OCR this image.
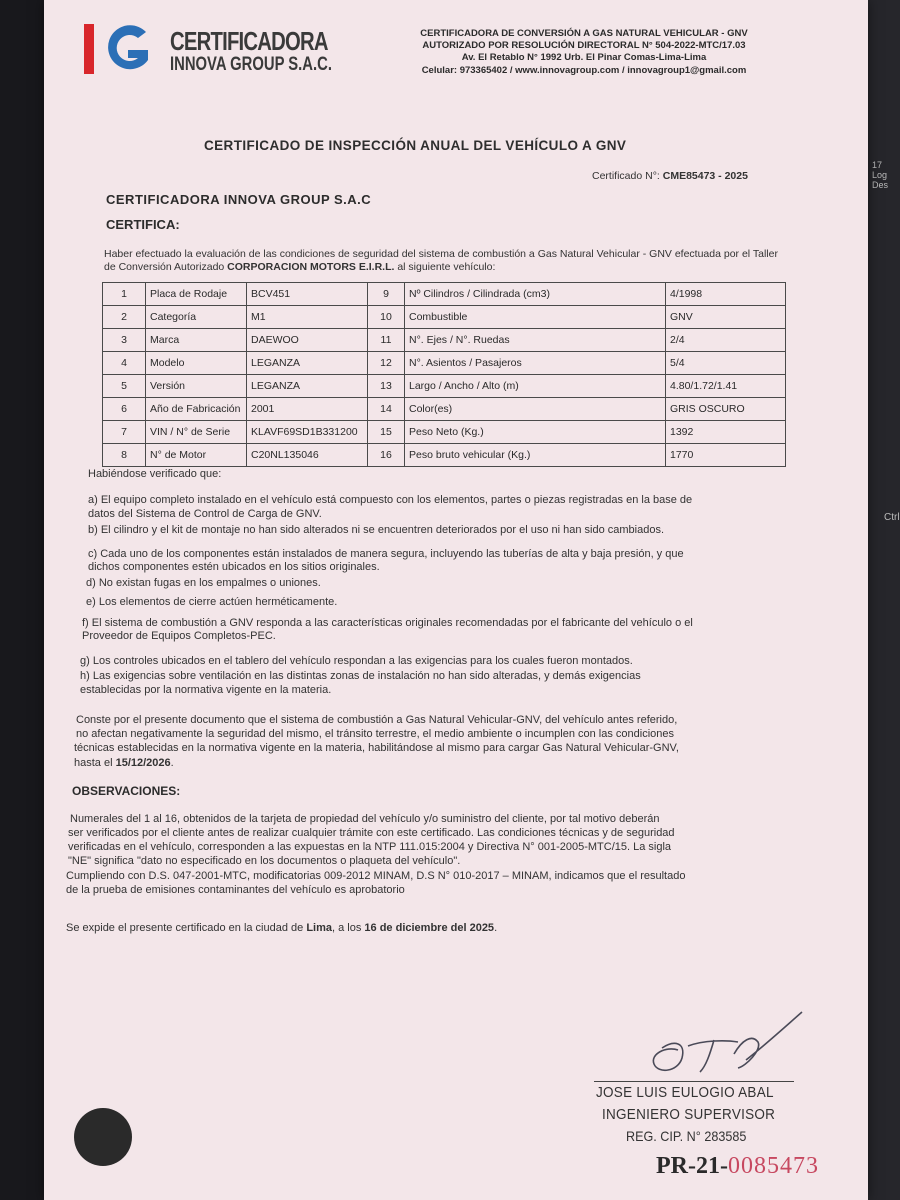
17
Log Des
Ctrl
CERTIFICADORA
INNOVA GROUP S.A.C.
CERTIFICADORA DE CONVERSIÓN A GAS NATURAL VEHICULAR - GNV
AUTORIZADO POR RESOLUCIÓN DIRECTORAL N° 504-2022-MTC/17.03
Av. El Retablo N° 1992 Urb. El Pinar Comas-Lima-Lima
Celular: 973365402 / www.innovagroup.com / innovagroup1@gmail.com
CERTIFICADO DE INSPECCIÓN ANUAL DEL VEHÍCULO A GNV
Certificado N°: CME85473 - 2025
CERTIFICADORA INNOVA GROUP S.A.C
CERTIFICA:
Haber efectuado la evaluación de las condiciones de seguridad del sistema de combustión a Gas Natural Vehicular - GNV efectuada por el Taller de Conversión Autorizado CORPORACION MOTORS E.I.R.L. al siguiente vehículo:
1	Placa de Rodaje	BCV451	9	Nº Cilindros / Cilindrada (cm3)	4/1998
2	Categoría	M1	10	Combustible	GNV
3	Marca	DAEWOO	11	N°. Ejes / N°. Ruedas	2/4
4	Modelo	LEGANZA	12	N°. Asientos / Pasajeros	5/4
5	Versión	LEGANZA	13	Largo / Ancho / Alto (m)	4.80/1.72/1.41
6	Año de Fabricación	2001	14	Color(es)	GRIS OSCURO
7	VIN / N° de Serie	KLAVF69SD1B331200	15	Peso Neto (Kg.)	1392
8	N° de Motor	C20NL135046	16	Peso bruto vehicular (Kg.)	1770
Habiéndose verificado que:
a) El equipo completo instalado en el vehículo está compuesto con los elementos, partes o piezas registradas en la base de
datos del Sistema de Control de Carga de GNV.
b) El cilindro y el kit de montaje no han sido alterados ni se encuentren deteriorados por el uso ni han sido cambiados.
c) Cada uno de los componentes están instalados de manera segura, incluyendo las tuberías de alta y baja presión, y que
dichos componentes estén ubicados en los sitios originales.
d) No existan fugas en los empalmes o uniones.
e) Los elementos de cierre actúen herméticamente.
f) El sistema de combustión a GNV responda a las características originales recomendadas por el fabricante del vehículo o el
Proveedor de Equipos Completos-PEC.
g) Los controles ubicados en el tablero del vehículo respondan a las exigencias para los cuales fueron montados.
h) Las exigencias sobre ventilación en las distintas zonas de instalación no han sido alteradas, y demás exigencias
establecidas por la normativa vigente en la materia.
Conste por el presente documento que el sistema de combustión a Gas Natural Vehicular-GNV, del vehículo antes referido,
no afectan negativamente la seguridad del mismo, el tránsito terrestre, el medio ambiente o incumplen con las condiciones
técnicas establecidas en la normativa vigente en la materia, habilitándose al mismo para cargar Gas Natural Vehicular-GNV,
hasta el 15/12/2026.
OBSERVACIONES:
Numerales del 1 al 16, obtenidos de la tarjeta de propiedad del vehículo y/o suministro del cliente, por tal motivo deberán
ser verificados por el cliente antes de realizar cualquier trámite con este certificado. Las condiciones técnicas y de seguridad
verificadas en el vehículo, corresponden a las expuestas en la NTP 111.015:2004 y Directiva N° 001-2005-MTC/15. La sigla
"NE" significa "dato no especificado en los documentos o plaqueta del vehículo".
Cumpliendo con D.S. 047-2001-MTC, modificatorias 009-2012 MINAM, D.S N° 010-2017 – MINAM, indicamos que el resultado
de la prueba de emisiones contaminantes del vehículo es aprobatorio
Se expide el presente certificado en la ciudad de Lima, a los 16 de diciembre del 2025.
JOSE LUIS EULOGIO ABAL
INGENIERO SUPERVISOR
REG. CIP. N° 283585
PR-21-0085473
